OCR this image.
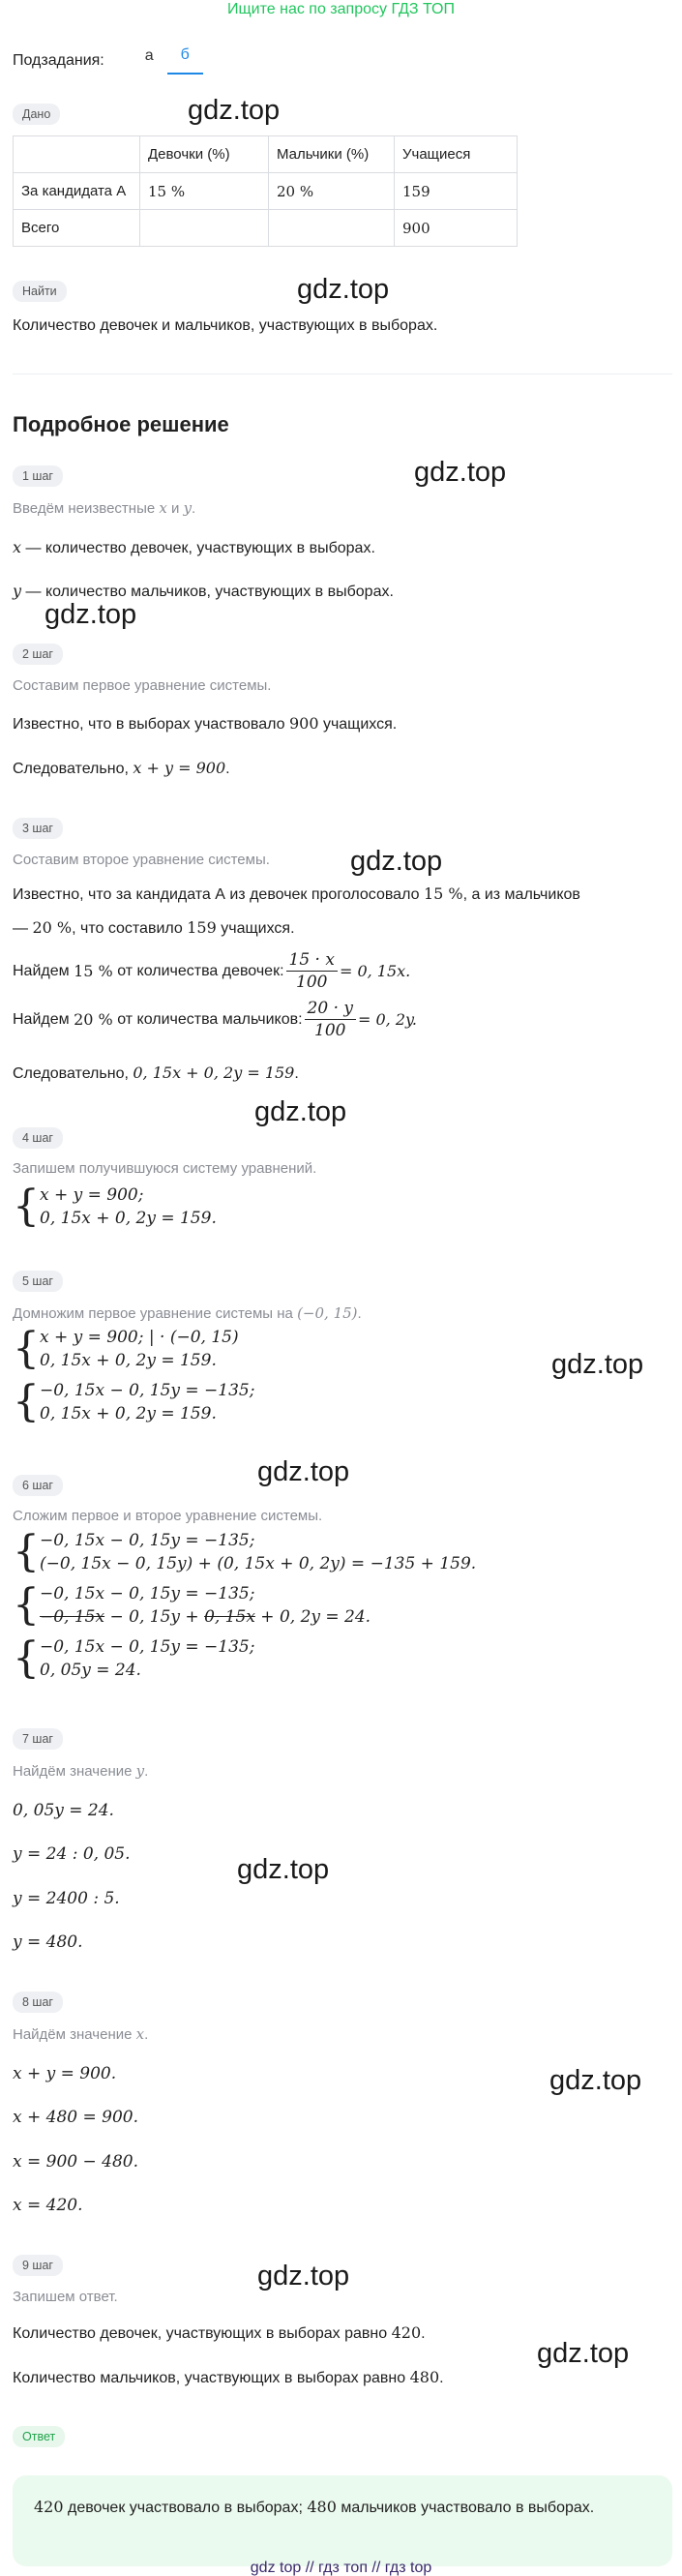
Ищите нас по запросу ГДЗ ТОП
Подзадания:	а	б
Дано	gdz.top
	Девочки (%)	Мальчики (%)	Учащиеся
За кандидата А	15 %	20 %	159
Всего			900
Найти	gdz.top
Количество девочек и мальчиков, участвующих в выборах.
Подробное решение
1 шаг	gdz.top
Введём неизвестные x и y.
x — количество девочек, участвующих в выборах.
y — количество мальчиков, участвующих в выборах.
gdz.top
2 шаг
Составим первое уравнение системы.
Известно, что в выборах участвовало 900 учащихся.
Следовательно, x + y = 900.
3 шаг
Составим второе уравнение системы.	gdz.top
Известно, что за кандидата А из девочек проголосовало 15 %, а из мальчиков
— 20 %, что составило 159 учащихся.
Найдем
15 %
от количества девочек: $\frac{15 \cdot x}{100} = 0$, 15x.
Найдем
20 %
от количества мальчиков: $\frac{20 \cdot y}{100} = 0$, 2y.
Следовательно, 0, 15x + 0, 2y = 159.
gdz.top
4 шаг
Запишем получившуюся систему уравнений.
{ x + y = 900;
0, 15x + 0, 2y = 159.
5 шаг
Домножим первое уравнение системы на (−0, 15).
{ x + y = 900; | · (−0, 15)
0, 15x + 0, 2y = 159.	gdz.top
{ −0, 15x − 0, 15y = −135;
0, 15x + 0, 2y = 159.
gdz.top
6 шаг
Сложим первое и второе уравнение системы.
{ −0, 15x − 0, 15y = −135;
(−0, 15x − 0, 15y) + (0, 15x + 0, 2y) = −135 + 159.
{ −0, 15x − 0, 15y = −135;
−0, 15x − 0, 15y + 0, 15x + 0, 2y = 24.
{ −0, 15x − 0, 15y = −135;
0, 05y = 24.
7 шаг
Найдём значение y.
0, 05y = 24.
y = 24 : 0, 05.	gdz.top
y = 2400 : 5.
y = 480.
8 шаг
Найдём значение x.
x + y = 900.	gdz.top
x + 480 = 900.
x = 900 − 480.
x = 420.
9 шаг	gdz.top
Запишем ответ.
Количество девочек, участвующих в выборах равно 420.
gdz.top
Количество мальчиков, участвующих в выборах равно 480.
Ответ
420 девочек участвовало в выборах; 480 мальчиков участвовало в выборах.
gdz top // гдз топ // гдз top
